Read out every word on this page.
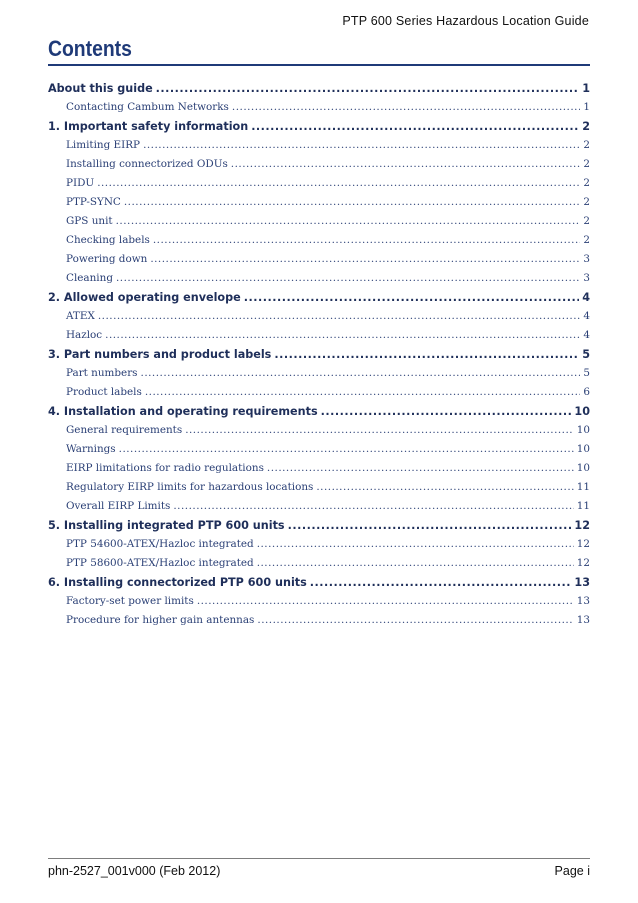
PTP 600 Series Hazardous Location Guide
Contents
About this guide .....	1
Contacting Cambum Networks .....	1
1. Important safety information .....	2
Limiting EIRP .....	2
Installing connectorized ODUs .....	2
PIDU .....	2
PTP-SYNC .....	2
GPS unit .....	2
Checking labels .....	2
Powering down .....	3
Cleaning .....	3
2. Allowed operating envelope .....	4
ATEX .....	4
Hazloc .....	4
3. Part numbers and product labels .....	5
Part numbers .....	5
Product labels .....	6
4. Installation and operating requirements .....	10
General requirements .....	10
Warnings .....	10
EIRP limitations for radio regulations .....	10
Regulatory EIRP limits for hazardous locations .....	11
Overall EIRP Limits .....	11
5. Installing integrated PTP 600 units .....	12
PTP 54600-ATEX/Hazloc integrated .....	12
PTP 58600-ATEX/Hazloc integrated .....	12
6. Installing connectorized PTP 600 units .....	13
Factory-set power limits .....	13
Procedure for higher gain antennas .....	13
phn-2527_001v000 (Feb 2012)	Page i
